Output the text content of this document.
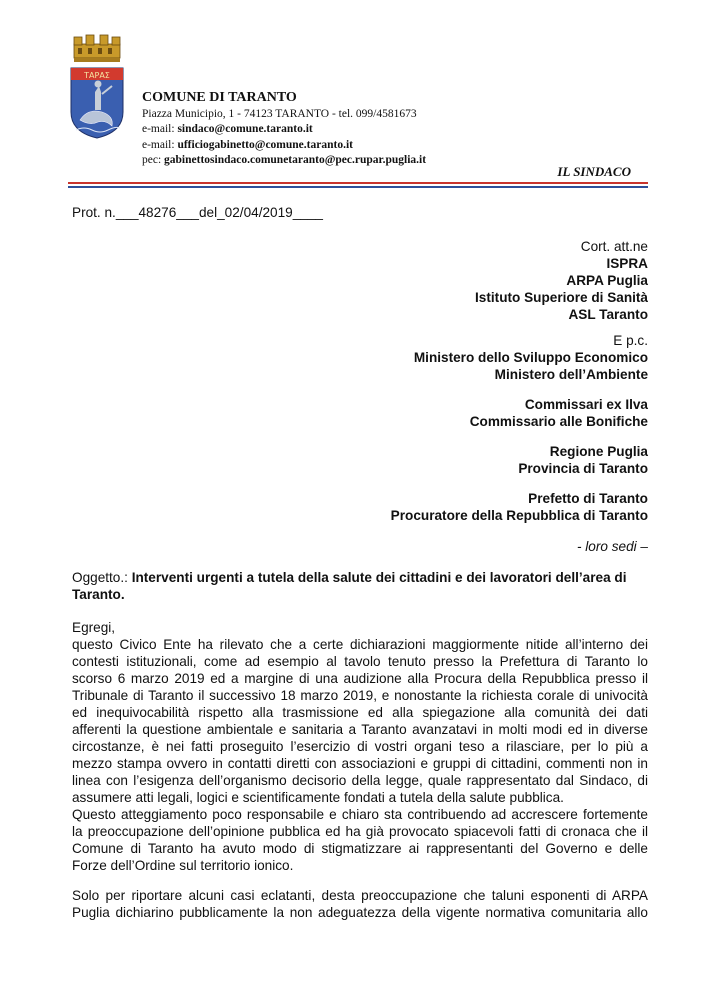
ΤΑΡΑΣ
COMUNE DI TARANTO
Piazza Municipio, 1 - 74123 TARANTO - tel. 099/4581673
e-mail: sindaco@comune.taranto.it
e-mail: ufficiogabinetto@comune.taranto.it
pec: gabinettosindaco.comunetaranto@pec.rupar.puglia.it
IL SINDACO
Prot. n.___48276___del_02/04/2019____
Cort. att.ne
ISPRA
ARPA Puglia
Istituto Superiore di Sanità
ASL Taranto
E p.c.
Ministero dello Sviluppo Economico
Ministero dell’Ambiente
Commissari ex Ilva
Commissario alle Bonifiche
Regione Puglia
Provincia di Taranto
Prefetto di Taranto
Procuratore della Repubblica di Taranto
- loro sedi –
Oggetto.: Interventi urgenti a tutela della salute dei cittadini e dei lavoratori dell’area di Taranto.
Egregi,
questo Civico Ente ha rilevato che a certe dichiarazioni maggiormente nitide all’interno dei
contesti istituzionali, come ad esempio al tavolo tenuto presso la Prefettura di Taranto lo
scorso 6 marzo 2019 ed a margine di una audizione alla Procura della Repubblica presso il
Tribunale di Taranto il successivo 18 marzo 2019, e nonostante la richiesta corale di univocità
ed inequivocabilità rispetto alla trasmissione ed alla spiegazione alla comunità dei dati
afferenti la questione ambientale e sanitaria a Taranto avanzatavi in molti modi ed in diverse
circostanze, è nei fatti proseguito l’esercizio di vostri organi teso a rilasciare, per lo più a
mezzo stampa ovvero in contatti diretti con associazioni e gruppi di cittadini, commenti non in
linea con l’esigenza dell’organismo decisorio della legge, quale rappresentato dal Sindaco, di
assumere atti legali, logici e scientificamente fondati a tutela della salute pubblica.
Questo atteggiamento poco responsabile e chiaro sta contribuendo ad accrescere fortemente
la preoccupazione dell’opinione pubblica ed ha già provocato spiacevoli fatti di cronaca che il
Comune di Taranto ha avuto modo di stigmatizzare ai rappresentanti del Governo e delle
Forze dell’Ordine sul territorio ionico.
Solo per riportare alcuni casi eclatanti, desta preoccupazione che taluni esponenti di ARPA
Puglia dichiarino pubblicamente la non adeguatezza della vigente normativa comunitaria allo
